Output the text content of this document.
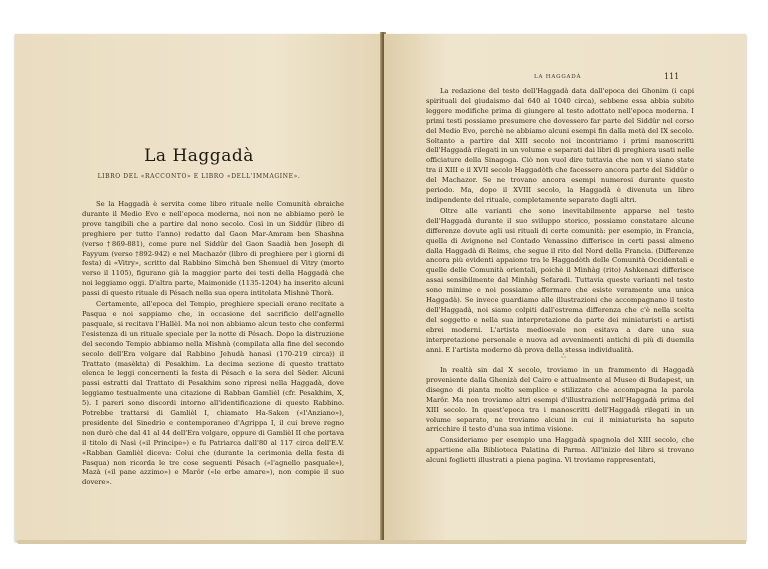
La Haggadà
LIBRO DEL «RACCONTO» E LIBRO «DELL'IMMAGINE».

Se la Haggadà è servita come libro rituale nelle Comunità ebraiche durante il Medio Evo e nell'epoca moderna, noi non ne abbiamo però le prove tangibili che a partire dal nono secolo. Così in un Siddûr (libro di preghiere per tutto l'anno) redatto dal Gaon Mar-Amram ben Shashna (verso †869-881), come pure nel Siddûr del Gaon Saadià ben Joseph di Fayyum (verso †892-942) e nel Machazôr (libro di preghiere per i giorni di festa) di «Vitry», scritto dal Rabbino Simchà ben Shemuel di Vitry (morto verso il 1105), figurano già la maggior parte dei testi della Haggadà che noi leggiamo oggi. D'altra parte, Maimonide (1135-1204) ha inserito alcuni passi di questo rituale di Pésach nella sua opera intitolata Mishnè Thorà.

Certamente, all'epoca del Tempio, preghiere speciali erano recitate a Pasqua e noi sappiamo che, in occasione del sacrificio dell'agnello pasquale, si recitava l'Hallèl. Ma noi non abbiamo alcun testo che confermi l'esistenza di un rituale speciale per la notte di Pésach. Dopo la distruzione del secondo Tempio abbiamo nella Mishnà (compilata alla fine del secondo secolo dell'Era volgare dal Rabbino Jehudà hanasì (170-219 circa)) il Trattato (masèkta) di Pesakhim. La decima sezione di questo trattato elenca le leggi concernenti la festa di Pésach e la sera del Sèder. Alcuni passi estratti dal Trattato di Pesakhim sono ripresi nella Haggadà, dove leggiamo testualmente una citazione di Rabban Gamlièl (cfr. Pesakhim, X, 5). I pareri sono discordi intorno all'identificazione di questo Rabbino. Potrebbe trattarsi di Gamlièl I, chiamato Ha-Saken («l'Anziano»), presidente del Sinedrio e contemporaneo d'Agrippa I, il cui breve regno non durò che dal 41 al 44 dell'Era volgare, oppure di Gamlièl II che portava il titolo di Nasì («il Principe») e fu Patriarca dall'80 al 117 circa dell'E.V. «Rabban Gamlièl diceva: Colui che (durante la cerimonia della festa di Pasqua) non ricorda le tre cose seguenti Pésach («l'agnello pasquale»), Mazà («il pane azzimo») e Marôr («le erbe amare»), non compie il suo dovere».

LA HAGGADÀ	111

La redazione del testo dell'Haggadà data dall'epoca dei Ghonim (i capi spirituali del giudaismo dal 640 al 1040 circa), sebbene essa abbia subito leggere modifiche prima di giungere al testo adottato nell'epoca moderna. I primi testi possiamo presumere che dovessero far parte del Siddûr nel corso del Medio Evo, perchè ne abbiamo alcuni esempi fin dalla metà del IX secolo. Soltanto a partire dal XIII secolo noi incontriamo i primi manoscritti dell'Haggadà rilegati in un volume e separati dai libri di preghiera usati nelle officiature della Sinagoga. Ciò non vuol dire tuttavia che non vi siano state tra il XIII e il XVII secolo Haggadòth che facessero ancora parte del Siddûr o del Machazor. Se ne trovano ancora esempi numerosi durante questo periodo. Ma, dopo il XVIII secolo, la Haggadà è divenuta un libro indipendente del rituale, completamente separato dagli altri.

Oltre alle varianti che sono inevitabilmente apparse nel testo dell'Haggadà durante il suo sviluppo storico, possiamo constatare alcune differenze dovute agli usi rituali di certe comunità: per esempio, in Francia, quella di Avignone nel Contado Venassino differisce in certi passi almeno dalla Haggadà di Reims, che segue il rito del Nord della Francia. (Differenze ancora più evidenti appaiono tra le Haggadòth delle Comunità Occidentali e quelle delle Comunità orientali, poichè il Minhàg (rito) Ashkenazi differisce assai sensibilmente dal Minhàg Sefaradi. Tuttavia queste varianti nel testo sono minime e noi possiamo affermare che esiste veramente una unica Haggadà). Se invece guardiamo alle illustrazioni che accompagnano il testo dell'Haggadà, noi siamo colpiti dall'estrema differenza che c'è nella scelta del soggetto e nella sua interpretazione da parte dei miniaturisti e artisti ebrei moderni. L'artista medioevale non esitava a dare una sua interpretazione personale e nuova ad avvenimenti antichi di più di duemila anni. E l'artista moderno dà prova della stessa individualità.

∴

In realtà sin dal X secolo, troviamo in un frammento di Haggadà proveniente dalla Ghenizà del Cairo e attualmente al Museo di Budapest, un disegno di pianta molto semplice e stilizzato che accompagna la parola Marôr. Ma non troviamo altri esempi d'illustrazioni nell'Haggadà prima del XIII secolo. In quest'epoca tra i manoscritti dell'Haggadà rilegati in un volume separato, ne troviamo alcuni in cui il miniaturista ha saputo arricchire il testo d'una sua intima visione.

Consideriamo per esempio una Haggadà spagnola del XIII secolo, che appartiene alla Biblioteca Palatina di Parma. All'inizio del libro si trovano alcuni foglietti illustrati a piena pagina. Vi troviamo rappresentati,
